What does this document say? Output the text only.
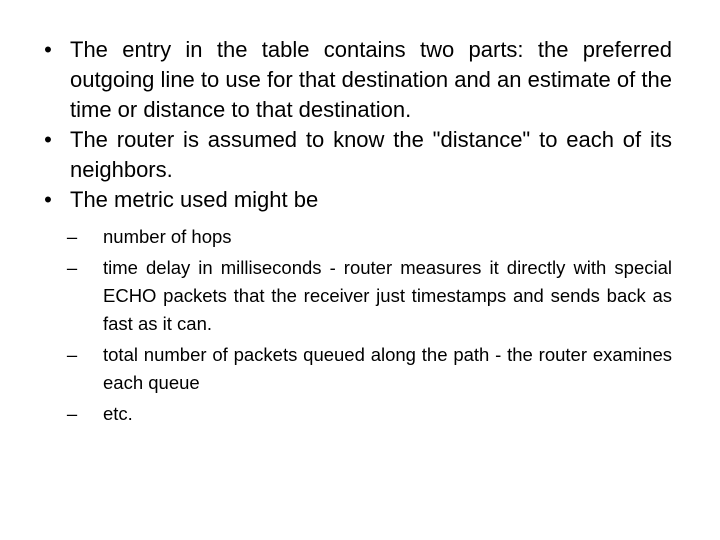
• The entry in the table contains two parts: the preferred outgoing line to use for that destination and an estimate of the time or distance to that destination.
• The router is assumed to know the "distance" to each of its neighbors.
• The metric used might be
–	number of hops
–	time delay in milliseconds - router measures it directly with special ECHO packets that the receiver just timestamps and sends back as fast as it can.
–	total number of packets queued along the path - the router examines each queue
–	etc.
